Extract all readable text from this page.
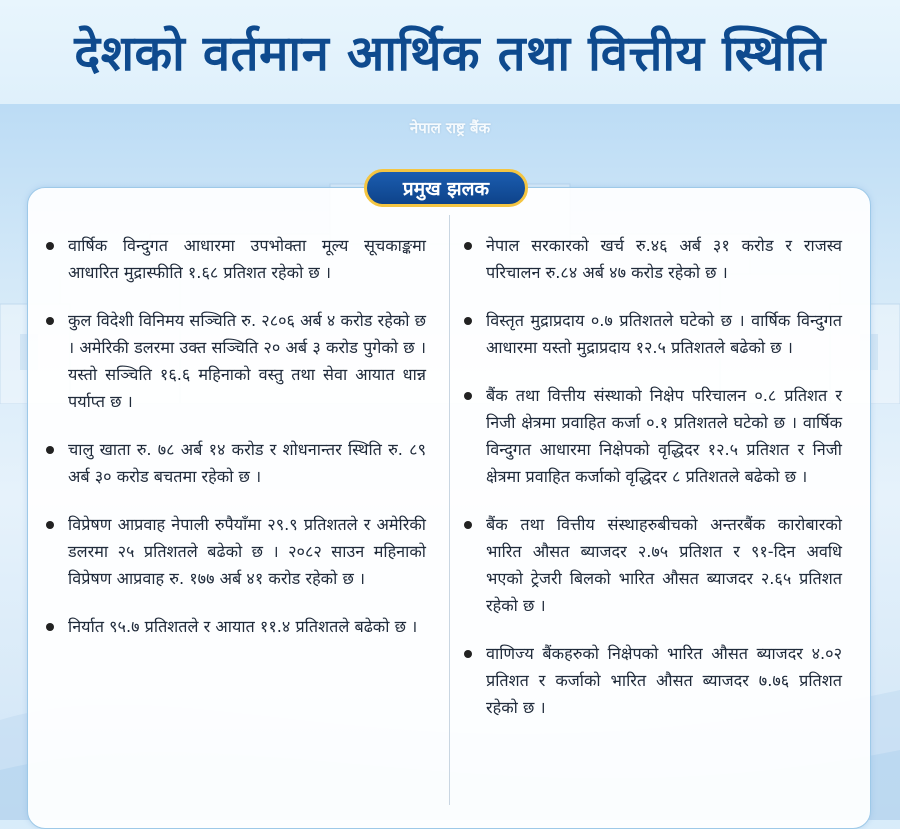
देशको वर्तमान आर्थिक तथा वित्तीय स्थिति
नेपाल राष्ट्र बैंक
प्रमुख झलक
वार्षिक विन्दुगत आधारमा उपभोक्ता मूल्य सूचकाङ्कमा आधारित मुद्रास्फीति १.६८ प्रतिशत रहेको छ ।
कुल विदेशी विनिमय सञ्चिति रु. २८०६ अर्ब ४ करोड रहेको छ । अमेरिकी डलरमा उक्त सञ्चिति २० अर्ब ३ करोड पुगेको छ । यस्तो सञ्चिति १६.६ महिनाको वस्तु तथा सेवा आयात धान्न पर्याप्त छ ।
चालु खाता रु. ७८ अर्ब १४ करोड र शोधनान्तर स्थिति रु. ८९ अर्ब ३० करोड बचतमा रहेको छ ।
विप्रेषण आप्रवाह नेपाली रुपैयाँमा २९.९ प्रतिशतले र अमेरिकी डलरमा २५ प्रतिशतले बढेको छ । २०८२ साउन महिनाको विप्रेषण आप्रवाह रु. १७७ अर्ब ४१ करोड रहेको छ ।
निर्यात ९५.७ प्रतिशतले र आयात ११.४ प्रतिशतले बढेको छ ।
नेपाल सरकारको खर्च रु.४६ अर्ब ३१ करोड र राजस्व परिचालन रु.८४ अर्ब ४७ करोड रहेको छ ।
विस्तृत मुद्राप्रदाय ०.७ प्रतिशतले घटेको छ । वार्षिक विन्दुगत आधारमा यस्तो मुद्राप्रदाय १२.५ प्रतिशतले बढेको छ ।
बैंक तथा वित्तीय संस्थाको निक्षेप परिचालन ०.८ प्रतिशत र निजी क्षेत्रमा प्रवाहित कर्जा ०.१ प्रतिशतले घटेको छ । वार्षिक विन्दुगत आधारमा निक्षेपको वृद्धिदर १२.५ प्रतिशत र निजी क्षेत्रमा प्रवाहित कर्जाको वृद्धिदर ८ प्रतिशतले बढेको छ ।
बैंक तथा वित्तीय संस्थाहरुबीचको अन्तरबैंक कारोबारको भारित औसत ब्याजदर २.७५ प्रतिशत र ९१-दिन अवधि भएको ट्रेजरी बिलको भारित औसत ब्याजदर २.६५ प्रतिशत रहेको छ ।
वाणिज्य बैंकहरुको निक्षेपको भारित औसत ब्याजदर ४.०२ प्रतिशत र कर्जाको भारित औसत ब्याजदर ७.७६ प्रतिशत रहेको छ ।
